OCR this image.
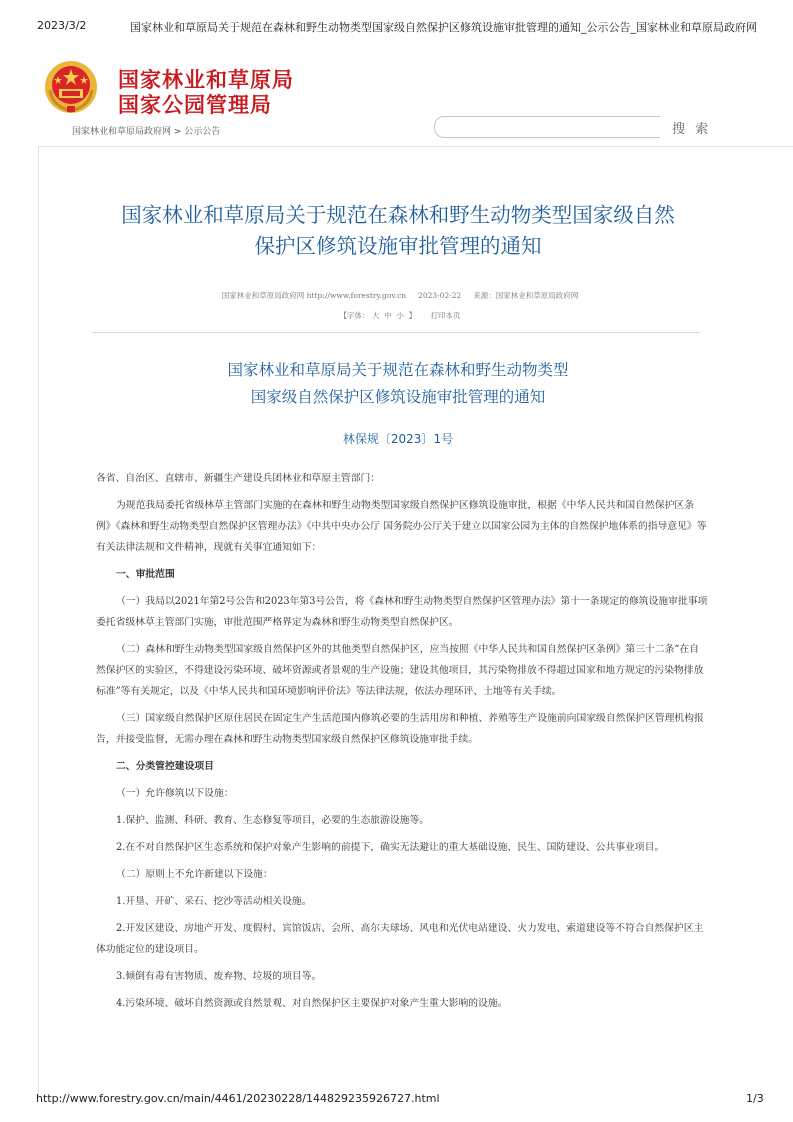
2023/3/2	国家林业和草原局关于规范在森林和野生动物类型国家级自然保护区修筑设施审批管理的通知_公示公告_国家林业和草原局政府网
国家林业和草原局
国家公园管理局
国家林业和草原局政府网 > 公示公告	搜 索
国家林业和草原局关于规范在森林和野生动物类型国家级自然
保护区修筑设施审批管理的通知
国家林业和草原局政府网 http://www.forestry.gov.cn 2023-02-22 来源：国家林业和草原局政府网
【字体： 大 中 小 】 打印本页
国家林业和草原局关于规范在森林和野生动物类型
国家级自然保护区修筑设施审批管理的通知
林保规〔2023〕1号

各省、自治区、直辖市、新疆生产建设兵团林业和草原主管部门：

为规范我局委托省级林草主管部门实施的在森林和野生动物类型国家级自然保护区修筑设施审批，根据《中华人民共和国自然保护区条例》《森林和野生动物类型自然保护区管理办法》《中共中央办公厅 国务院办公厅关于建立以国家公园为主体的自然保护地体系的指导意见》等有关法律法规和文件精神，现就有关事宜通知如下：

一、审批范围

（一）我局以2021年第2号公告和2023年第3号公告，将《森林和野生动物类型自然保护区管理办法》第十一条规定的修筑设施审批事项委托省级林草主管部门实施，审批范围严格界定为森林和野生动物类型自然保护区。

（二）森林和野生动物类型国家级自然保护区外的其他类型自然保护区，应当按照《中华人民共和国自然保护区条例》第三十二条“在自然保护区的实验区，不得建设污染环境、破坏资源或者景观的生产设施；建设其他项目，其污染物排放不得超过国家和地方规定的污染物排放标准”等有关规定，以及《中华人民共和国环境影响评价法》等法律法规，依法办理环评、土地等有关手续。

（三）国家级自然保护区原住居民在固定生产生活范围内修筑必要的生活用房和种植、养殖等生产设施前向国家级自然保护区管理机构报告，并接受监督，无需办理在森林和野生动物类型国家级自然保护区修筑设施审批手续。

二、分类管控建设项目

（一）允许修筑以下设施：

1.保护、监测、科研、教育、生态修复等项目，必要的生态旅游设施等。

2.在不对自然保护区生态系统和保护对象产生影响的前提下，确实无法避让的重大基础设施、民生、国防建设、公共事业项目。

（二）原则上不允许新建以下设施：

1.开垦、开矿、采石、挖沙等活动相关设施。

2.开发区建设、房地产开发、度假村、宾馆饭店、会所、高尔夫球场、风电和光伏电站建设、火力发电、索道建设等不符合自然保护区主体功能定位的建设项目。

3.倾倒有毒有害物质、废弃物、垃圾的项目等。

4.污染环境、破坏自然资源或自然景观、对自然保护区主要保护对象产生重大影响的设施。

http://www.forestry.gov.cn/main/4461/20230228/144829235926727.html	1/3
